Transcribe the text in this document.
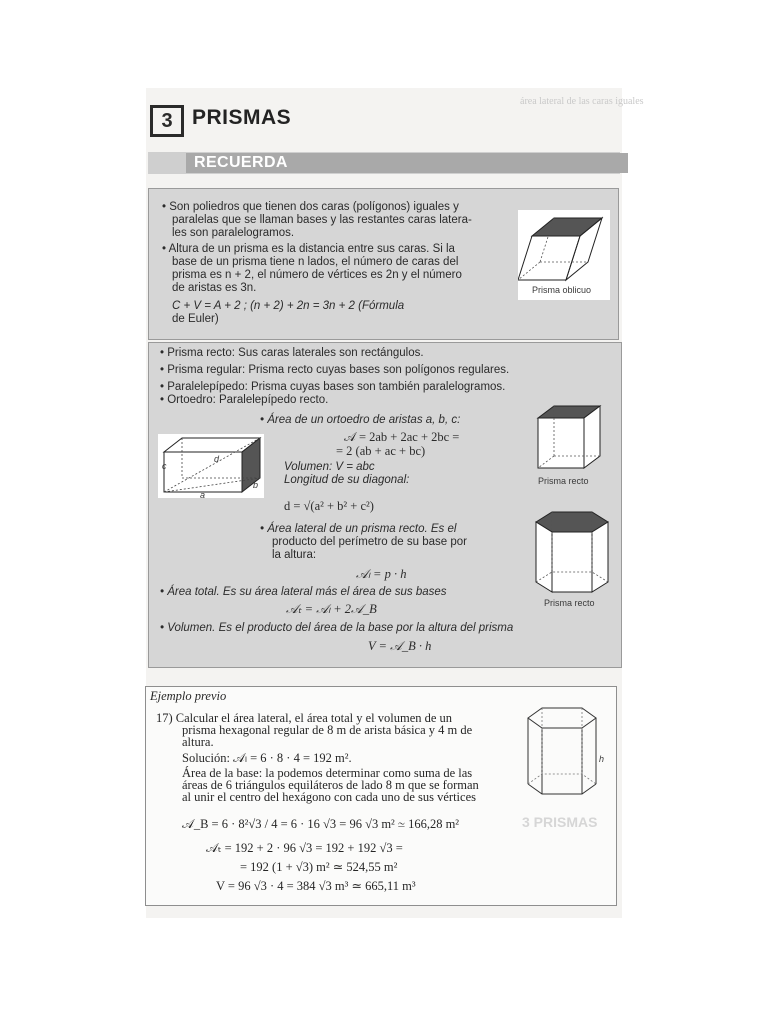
área lateral de las caras iguales
3 PRISMAS
RECUERDA
• Son poliedros que tienen dos caras (polígonos) iguales y
paralelas que se llaman bases y las restantes caras latera-
les son paralelogramos.
• Altura de un prisma es la distancia entre sus caras. Si la
base de un prisma tiene n lados, el número de caras del
prisma es n + 2, el número de vértices es 2n y el número
de aristas es 3n.
C + V = A + 2 ; (n + 2) + 2n = 3n + 2 (Fórmula
de Euler)
Prisma oblicuo
• Prisma recto: Sus caras laterales son rectángulos.
• Prisma regular: Prisma recto cuyas bases son polígonos regulares.
• Paralelepípedo: Prisma cuyas bases son también paralelogramos.
• Ortoedro: Paralelepípedo recto.
• Área de un ortoedro de aristas a, b, c:
𝒜 = 2ab + 2ac + 2bc =
= 2 (ab + ac + bc)
Volumen: V = abc
Longitud de su diagonal:
d = √(a² + b² + c²)
a
b
c
d
Prisma recto
• Área lateral de un prisma recto. Es el
producto del perímetro de su base por
la altura:
𝒜ₗ = p · h
Prisma recto
• Área total. Es su área lateral más el área de sus bases
𝒜ₜ = 𝒜ₗ + 2𝒜_B
• Volumen. Es el producto del área de la base por la altura del prisma
V = 𝒜_B · h
Ejemplo previo
17) Calcular el área lateral, el área total y el volumen de un
prisma hexagonal regular de 8 m de arista básica y 4 m de
altura.
Solución: 𝒜ₗ = 6 · 8 · 4 = 192 m².
Área de la base: la podemos determinar como suma de las
áreas de 6 triángulos equiláteros de lado 8 m que se forman
al unir el centro del hexágono con cada uno de sus vértices
𝒜_B = 6 · 8²√3 / 4 = 6 · 16 √3 = 96 √3 m² ≃ 166,28 m²
𝒜ₜ = 192 + 2 · 96 √3 = 192 + 192 √3 =
= 192 (1 + √3) m² ≃ 524,55 m²
V = 96 √3 · 4 = 384 √3 m³ ≃ 665,11 m³
h
3 PRISMAS
